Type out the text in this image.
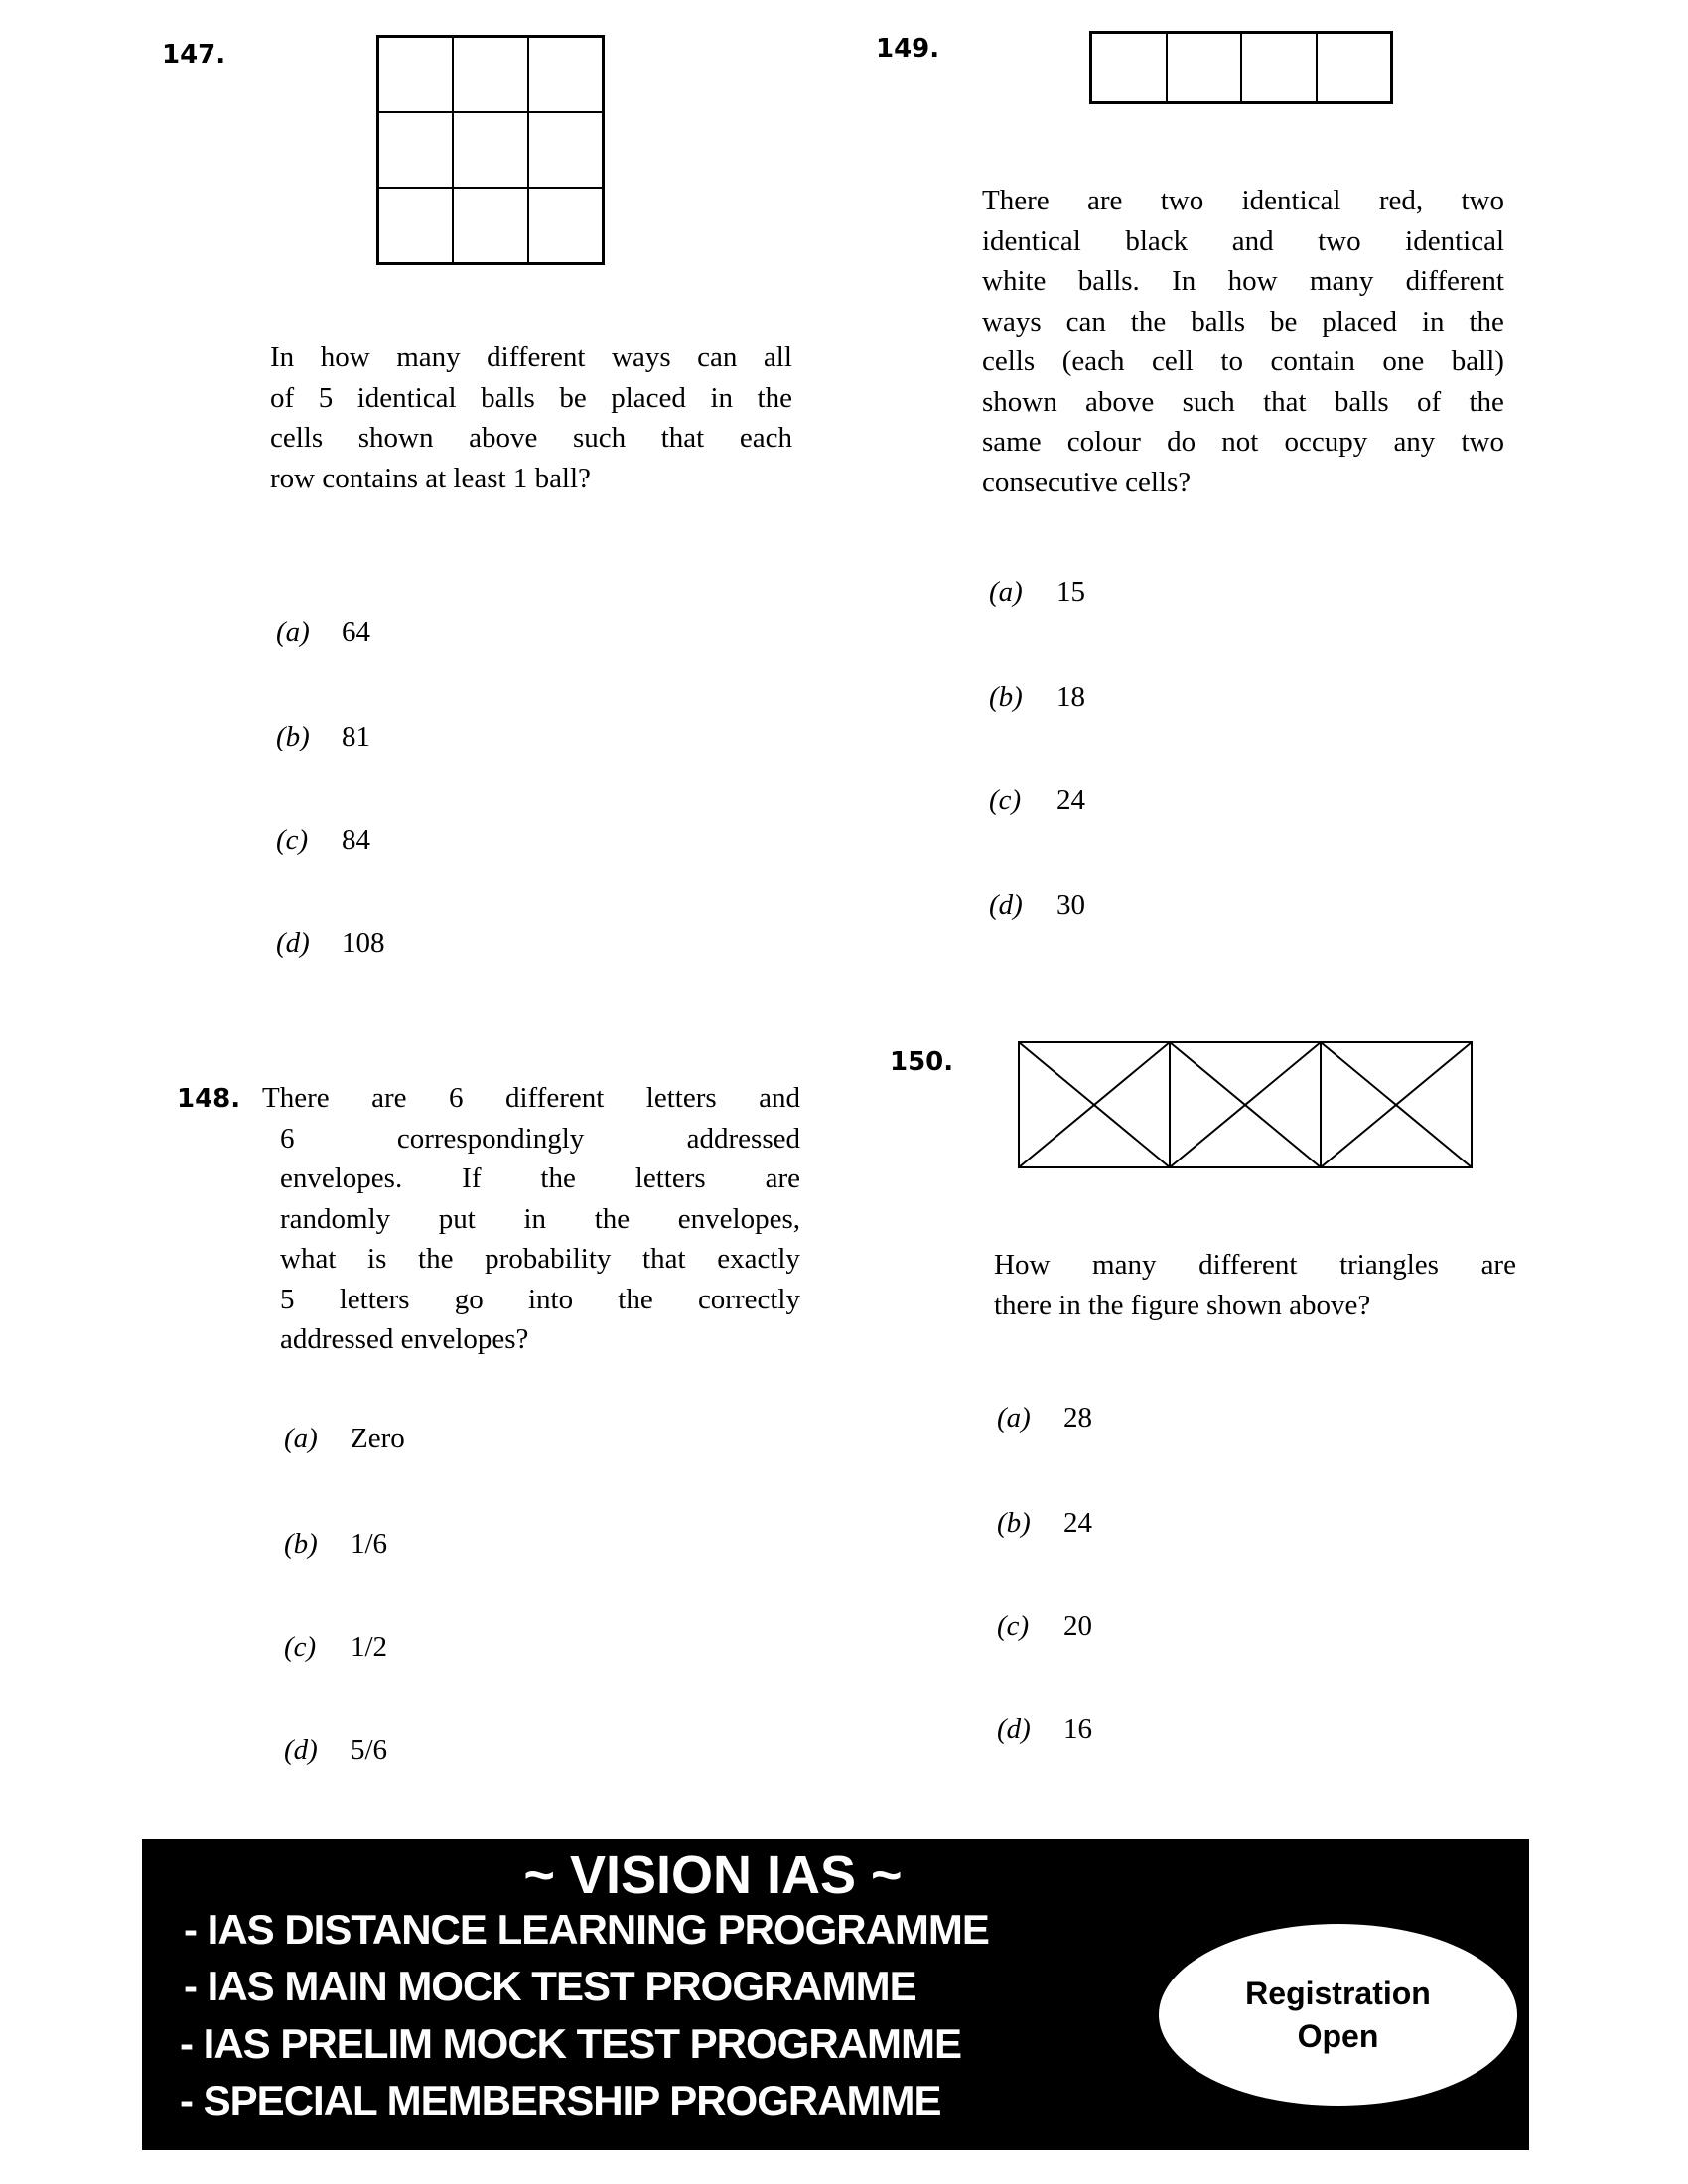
147.
In how many different ways can all
of 5 identical balls be placed in the
cells shown above such that each
row contains at least 1 ball?
(a) 64
(b) 81
(c) 84
(d) 108
149.
There are two identical red, two
identical black and two identical
white balls. In how many different
ways can the balls be placed in the
cells (each cell to contain one ball)
shown above such that balls of the
same colour do not occupy any two
consecutive cells?
(a) 15
(b) 18
(c) 24
(d) 30
148. There are 6 different letters and
6	correspondingly	addressed
envelopes. If the letters are
randomly put in the envelopes,
what is the probability that exactly
5 letters go into the correctly
addressed envelopes?
(a) Zero
(b) 1/6
(c) 1/2
(d) 5/6
150.
How many different triangles are
there in the figure shown above?
(a) 28
(b) 24
(c) 20
(d) 16
~ VISION IAS ~
- IAS DISTANCE LEARNING PROGRAMME
- IAS MAIN MOCK TEST PROGRAMME
- IAS PRELIM MOCK TEST PROGRAMME
- SPECIAL MEMBERSHIP PROGRAMME
Registration
Open
